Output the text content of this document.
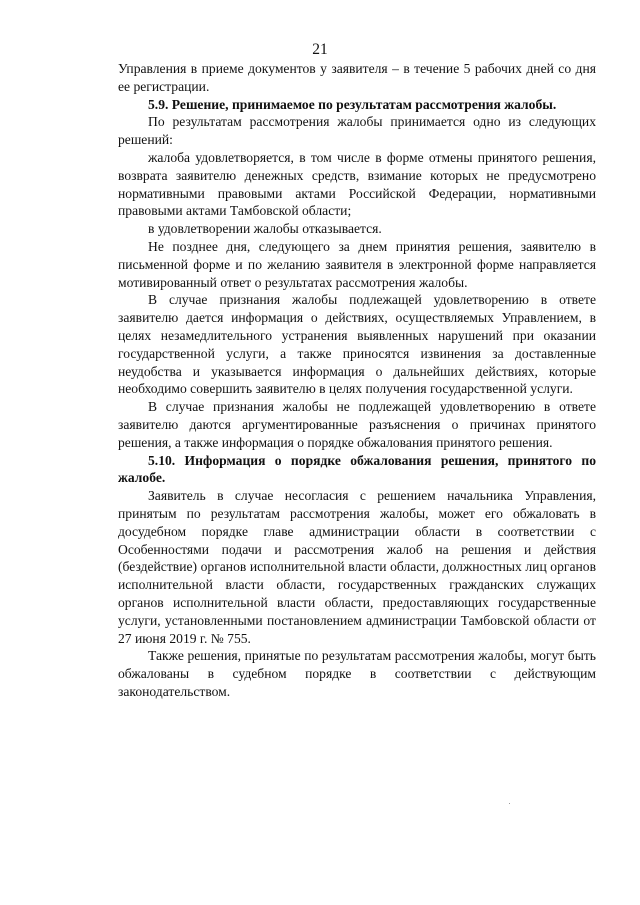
21

Управления в приеме документов у заявителя – в течение 5 рабочих дней со дня ее регистрации.

5.9. Решение, принимаемое по результатам рассмотрения жалобы.

По результатам рассмотрения жалобы принимается одно из следующих решений:

жалоба удовлетворяется, в том числе в форме отмены принятого решения, возврата заявителю денежных средств, взимание которых не предусмотрено нормативными правовыми актами Российской Федерации, нормативными правовыми актами Тамбовской области;

в удовлетворении жалобы отказывается.

Не позднее дня, следующего за днем принятия решения, заявителю в письменной форме и по желанию заявителя в электронной форме направляется мотивированный ответ о результатах рассмотрения жалобы.

В случае признания жалобы подлежащей удовлетворению в ответе заявителю дается информация о действиях, осуществляемых Управлением, в целях незамедлительного устранения выявленных нарушений при оказании государственной услуги, а также приносятся извинения за доставленные неудобства и указывается информация о дальнейших действиях, которые необходимо совершить заявителю в целях получения государственной услуги.

В случае признания жалобы не подлежащей удовлетворению в ответе заявителю даются аргументированные разъяснения о причинах принятого решения, а также информация о порядке обжалования принятого решения.

5.10. Информация о порядке обжалования решения, принятого по жалобе.

Заявитель в случае несогласия с решением начальника Управления, принятым по результатам рассмотрения жалобы, может его обжаловать в досудебном порядке главе администрации области в соответствии с Особенностями подачи и рассмотрения жалоб на решения и действия (бездействие) органов исполнительной власти области, должностных лиц органов исполнительной власти области, государственных гражданских служащих органов исполнительной власти области, предоставляющих государственные услуги, установленными постановлением администрации Тамбовской области от 27 июня 2019 г. № 755.

Также решения, принятые по результатам рассмотрения жалобы, могут быть обжалованы в судебном порядке в соответствии с действующим законодательством.
